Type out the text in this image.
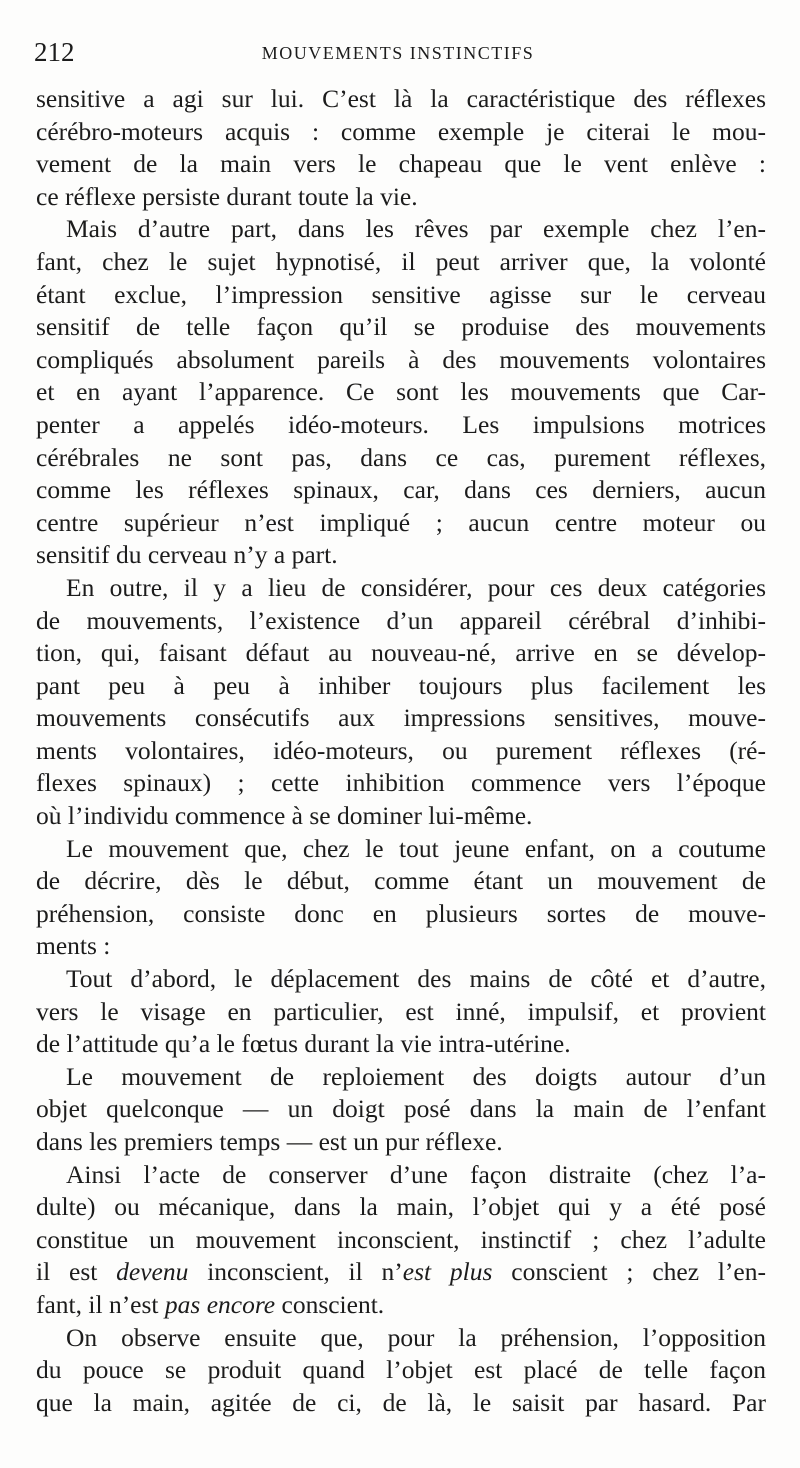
212	MOUVEMENTS INSTINCTIFS
sensitive a agi sur lui. C’est là la caractéristique des réflexes
cérébro-moteurs acquis : comme exemple je citerai le mou-
vement de la main vers le chapeau que le vent enlève :
ce réflexe persiste durant toute la vie.
Mais d’autre part, dans les rêves par exemple chez l’en-
fant, chez le sujet hypnotisé, il peut arriver que, la volonté
étant exclue, l’impression sensitive agisse sur le cerveau
sensitif de telle façon qu’il se produise des mouvements
compliqués absolument pareils à des mouvements volontaires
et en ayant l’apparence. Ce sont les mouvements que Car-
penter a appelés idéo-moteurs. Les impulsions motrices
cérébrales ne sont pas, dans ce cas, purement réflexes,
comme les réflexes spinaux, car, dans ces derniers, aucun
centre supérieur n’est impliqué ; aucun centre moteur ou
sensitif du cerveau n’y a part.
En outre, il y a lieu de considérer, pour ces deux catégories
de mouvements, l’existence d’un appareil cérébral d’inhibi-
tion, qui, faisant défaut au nouveau-né, arrive en se dévelop-
pant peu à peu à inhiber toujours plus facilement les
mouvements consécutifs aux impressions sensitives, mouve-
ments volontaires, idéo-moteurs, ou purement réflexes (ré-
flexes spinaux) ; cette inhibition commence vers l’époque
où l’individu commence à se dominer lui-même.
Le mouvement que, chez le tout jeune enfant, on a coutume
de décrire, dès le début, comme étant un mouvement de
préhension, consiste donc en plusieurs sortes de mouve-
ments :
Tout d’abord, le déplacement des mains de côté et d’autre,
vers le visage en particulier, est inné, impulsif, et provient
de l’attitude qu’a le fœtus durant la vie intra-utérine.
Le mouvement de reploiement des doigts autour d’un
objet quelconque — un doigt posé dans la main de l’enfant
dans les premiers temps — est un pur réflexe.
Ainsi l’acte de conserver d’une façon distraite (chez l’a-
dulte) ou mécanique, dans la main, l’objet qui y a été posé
constitue un mouvement inconscient, instinctif ; chez l’adulte
il est devenu inconscient, il n’est plus conscient ; chez l’en-
fant, il n’est pas encore conscient.
On observe ensuite que, pour la préhension, l’opposition
du pouce se produit quand l’objet est placé de telle façon
que la main, agitée de ci, de là, le saisit par hasard. Par
